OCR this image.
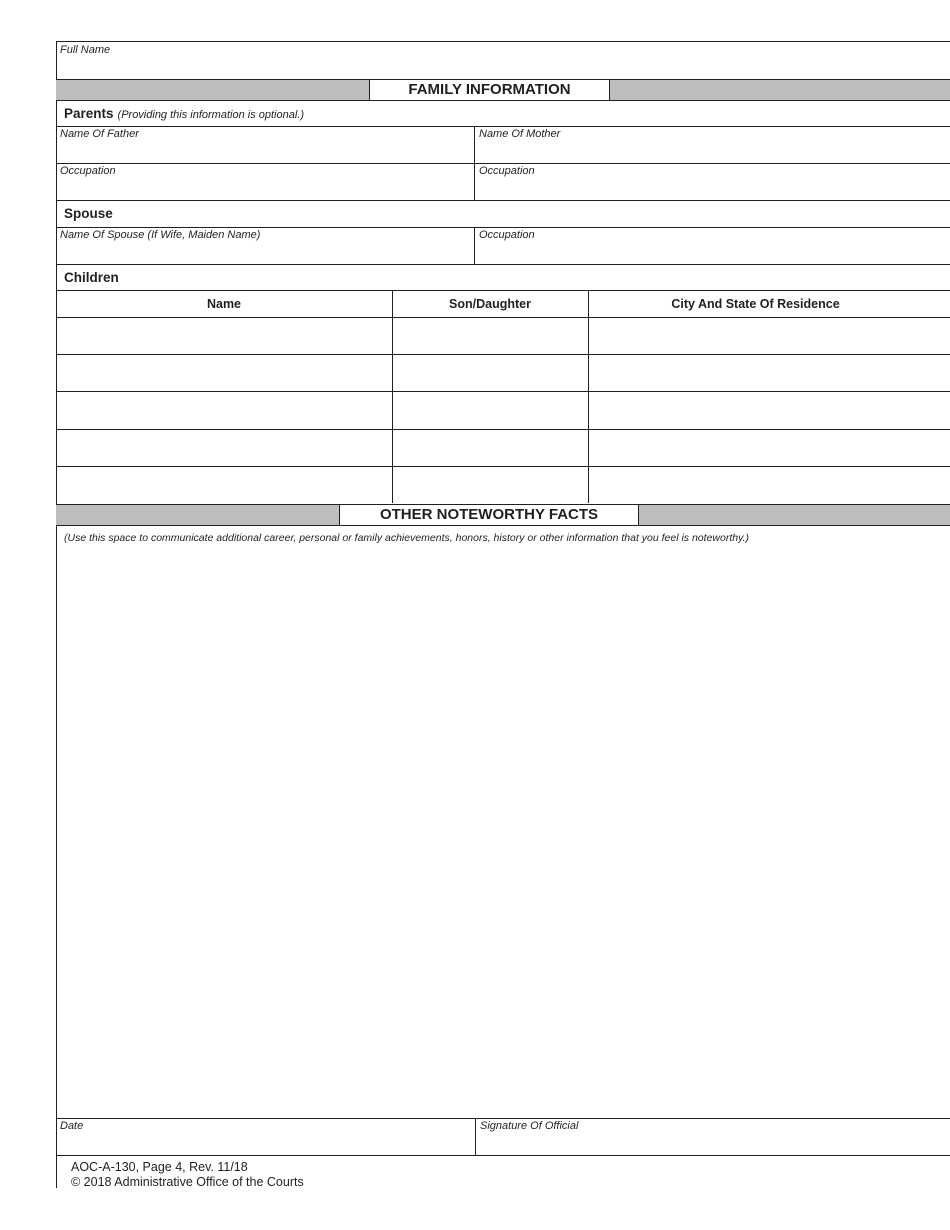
Full Name
FAMILY INFORMATION
Parents (Providing this information is optional.)
Name Of Father	Name Of Mother
Occupation	Occupation
Spouse
Name Of Spouse (If Wife, Maiden Name)	Occupation
Children
Name	Son/Daughter	City And State Of Residence
OTHER NOTEWORTHY FACTS
(Use this space to communicate additional career, personal or family achievements, honors, history or other information that you feel is noteworthy.)
Date	Signature Of Official
AOC-A-130, Page 4, Rev. 11/18
© 2018 Administrative Office of the Courts
